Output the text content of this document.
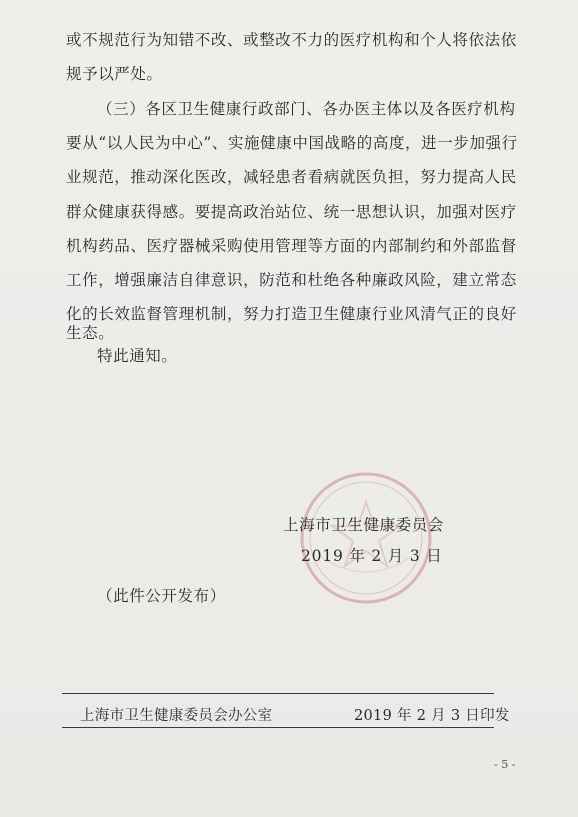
或不规范行为知错不改、或整改不力的医疗机构和个人将依法依
规予以严处。
（三）各区卫生健康行政部门、各办医主体以及各医疗机构
要从“以人民为中心”、实施健康中国战略的高度，进一步加强行
业规范，推动深化医改，减轻患者看病就医负担，努力提高人民
群众健康获得感。要提高政治站位、统一思想认识，加强对医疗
机构药品、医疗器械采购使用管理等方面的内部制约和外部监督
工作，增强廉洁自律意识，防范和杜绝各种廉政风险，建立常态
化的长效监督管理机制，努力打造卫生健康行业风清气正的良好
生态。
特此通知。
上海市卫生健康委员会
2019 年 2 月 3 日
（此件公开发布）
上海市卫生健康委员会办公室	2019 年 2 月 3 日印发
- 5 -
